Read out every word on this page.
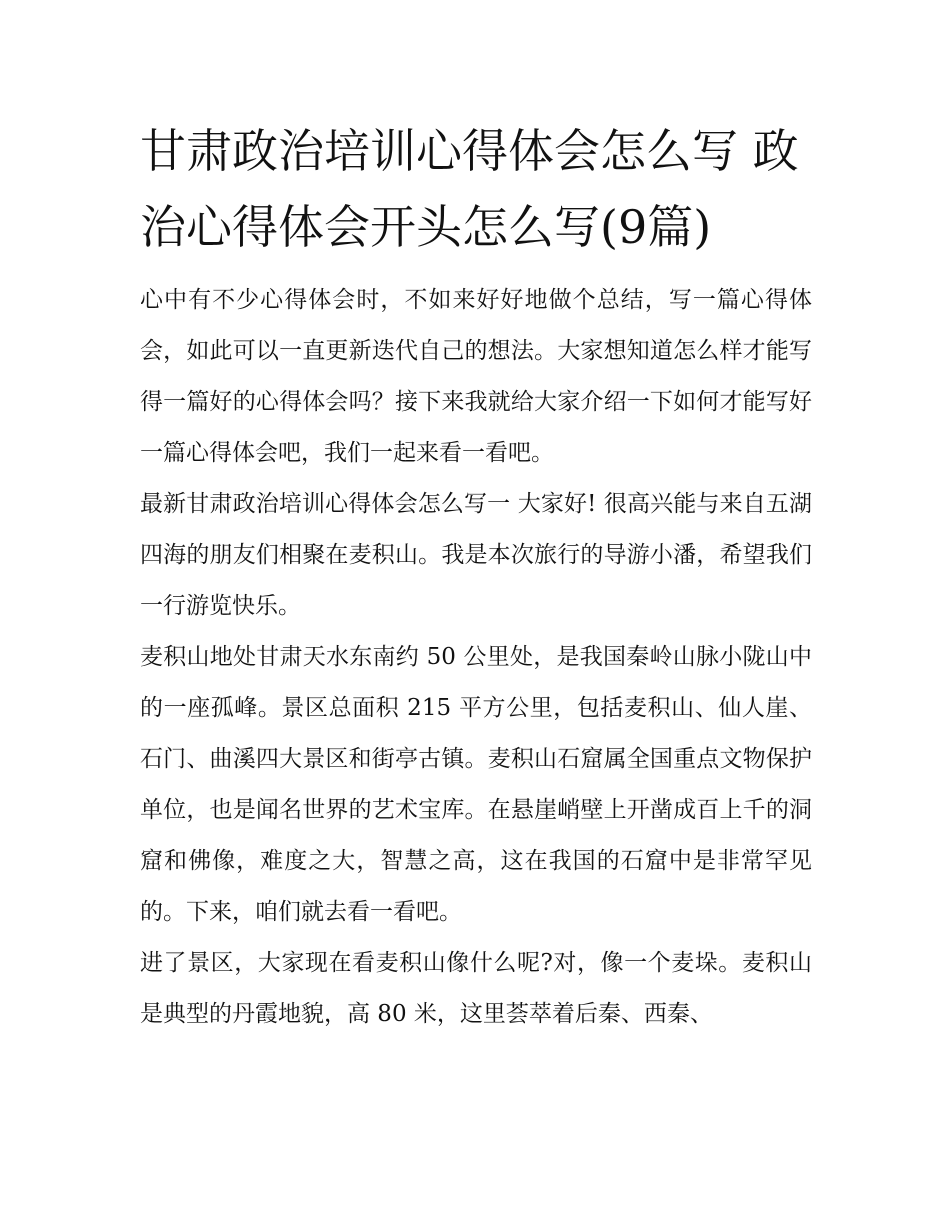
甘肃政治培训心得体会怎么写 政治心得体会开头怎么写(9篇)

心中有不少心得体会时，不如来好好地做个总结，写一篇心得体会，如此可以一直更新迭代自己的想法。大家想知道怎么样才能写得一篇好的心得体会吗？接下来我就给大家介绍一下如何才能写好一篇心得体会吧，我们一起来看一看吧。

最新甘肃政治培训心得体会怎么写一 大家好! 很高兴能与来自五湖四海的朋友们相聚在麦积山。我是本次旅行的导游小潘，希望我们一行游览快乐。

麦积山地处甘肃天水东南约 50 公里处，是我国秦岭山脉小陇山中的一座孤峰。景区总面积 215 平方公里，包括麦积山、仙人崖、石门、曲溪四大景区和街亭古镇。麦积山石窟属全国重点文物保护单位，也是闻名世界的艺术宝库。在悬崖峭壁上开凿成百上千的洞窟和佛像，难度之大，智慧之高，这在我国的石窟中是非常罕见的。下来，咱们就去看一看吧。

进了景区，大家现在看麦积山像什么呢?对，像一个麦垛。麦积山是典型的丹霞地貌，高 80 米，这里荟萃着后秦、西秦、
